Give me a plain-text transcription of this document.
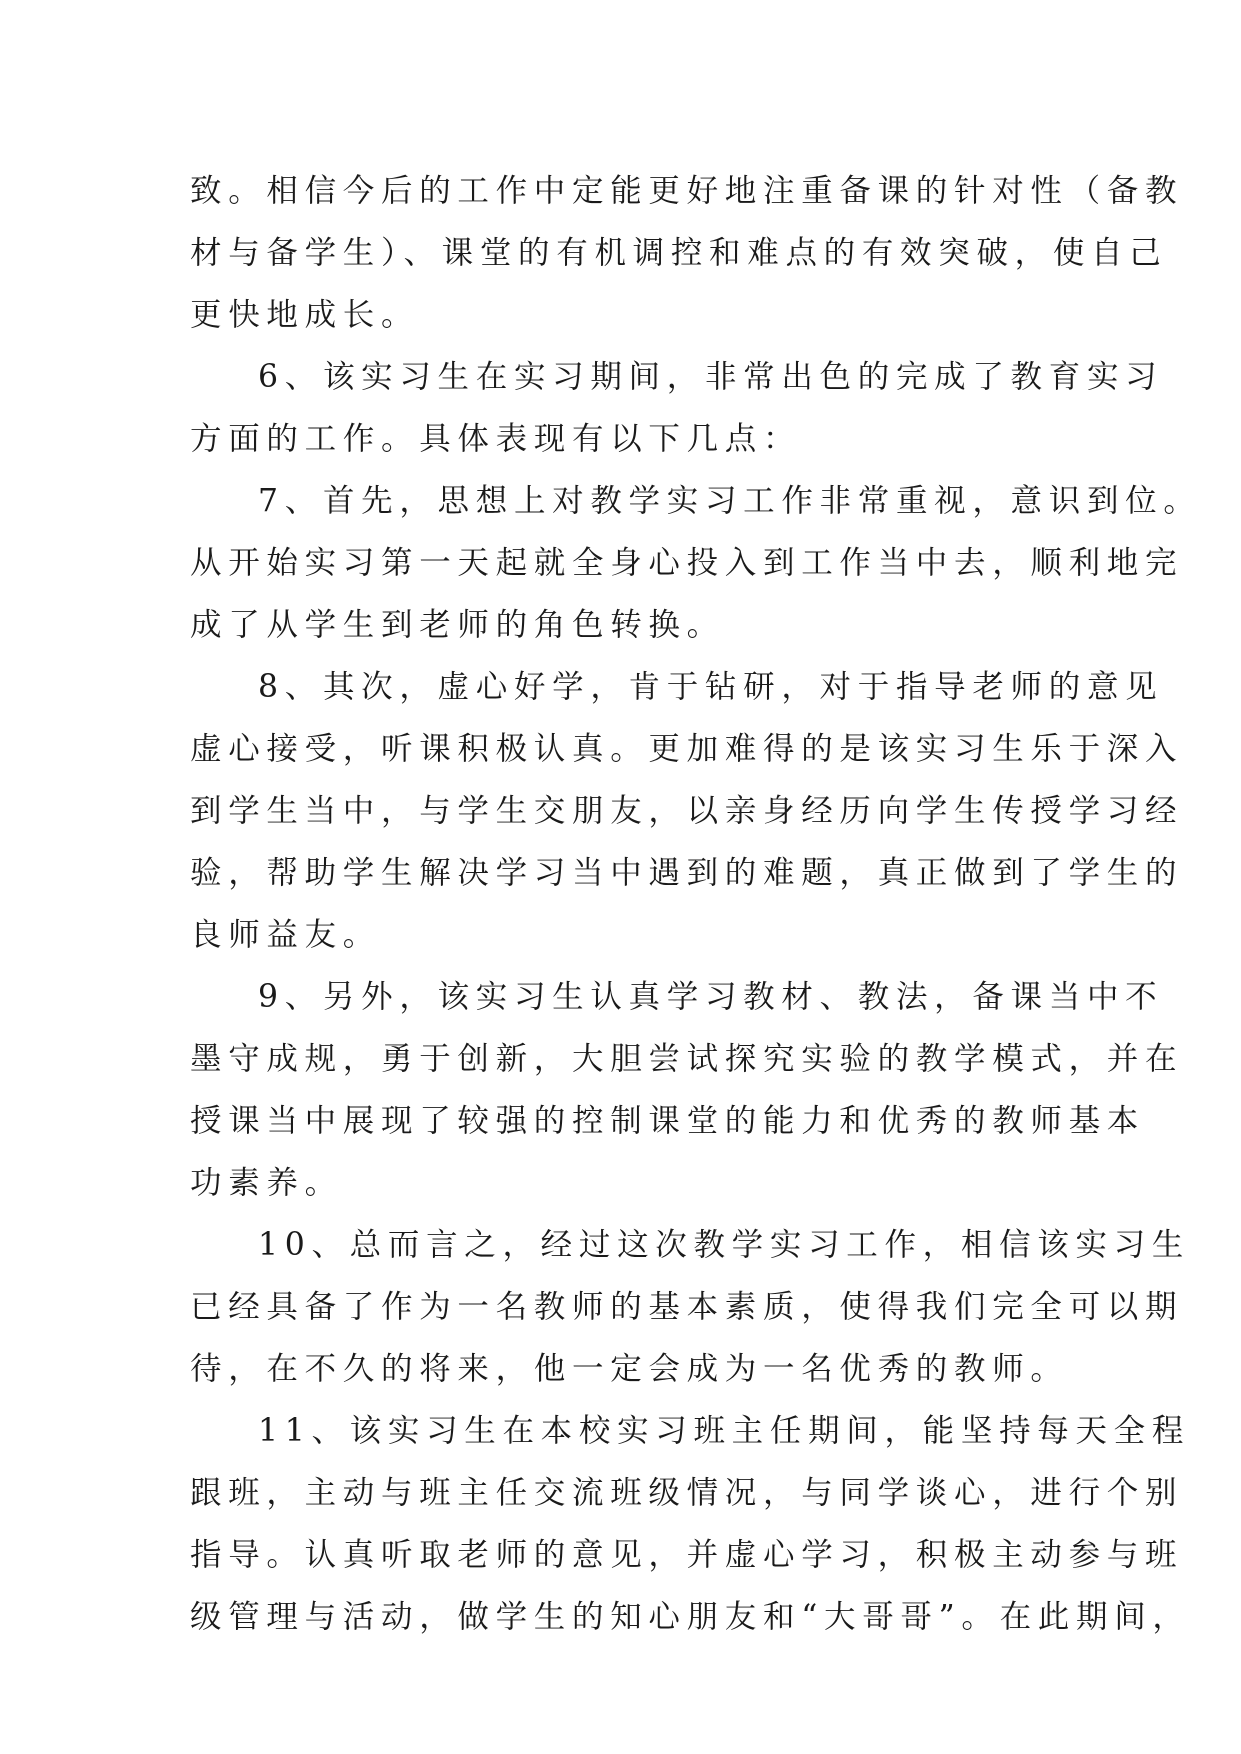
致。相信今后的工作中定能更好地注重备课的针对性（备教
材与备学生）、课堂的有机调控和难点的有效突破，使自己
更快地成长。
6、该实习生在实习期间，非常出色的完成了教育实习
方面的工作。具体表现有以下几点：
7、首先，思想上对教学实习工作非常重视，意识到位。
从开始实习第一天起就全身心投入到工作当中去，顺利地完
成了从学生到老师的角色转换。
8、其次，虚心好学，肯于钻研，对于指导老师的意见
虚心接受，听课积极认真。更加难得的是该实习生乐于深入
到学生当中，与学生交朋友，以亲身经历向学生传授学习经
验，帮助学生解决学习当中遇到的难题，真正做到了学生的
良师益友。
9、另外，该实习生认真学习教材、教法，备课当中不
墨守成规，勇于创新，大胆尝试探究实验的教学模式，并在
授课当中展现了较强的控制课堂的能力和优秀的教师基本
功素养。
10、总而言之，经过这次教学实习工作，相信该实习生
已经具备了作为一名教师的基本素质，使得我们完全可以期
待，在不久的将来，他一定会成为一名优秀的教师。
11、该实习生在本校实习班主任期间，能坚持每天全程
跟班，主动与班主任交流班级情况，与同学谈心，进行个别
指导。认真听取老师的意见，并虚心学习，积极主动参与班
级管理与活动，做学生的知心朋友和“大哥哥”。在此期间，
